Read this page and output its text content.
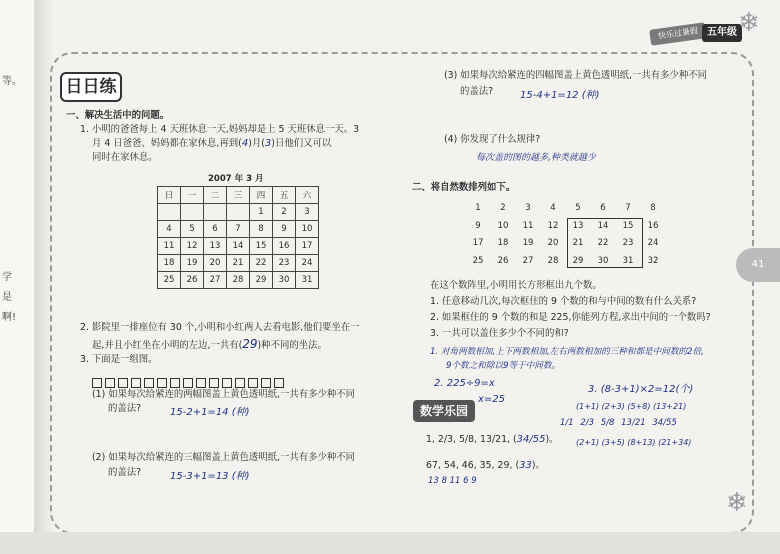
等。
学
是
啊!
快乐过暑假 五年级 ❄
❄
日日练
一、解决生活中的问题。
1. 小明的爸爸每上 4 天班休息一天,妈妈却是上 5 天班休息一天。3
月 4 日爸爸、妈妈都在家休息,再到(4)月(3)日他们又可以
同时在家休息。
2007 年 3 月
日	一	二	三	四	五	六
				1	2	3
4	5	6	7	8	9	10
11	12	13	14	15	16	17
18	19	20	21	22	23	24
25	26	27	28	29	30	31
2. 影院里一排座位有 30 个,小明和小红两人去看电影,他们要坐在一
起,并且小红坐在小明的左边,一共有(29)种不同的坐法。
3. 下面是一组图。
(1) 如果每次给紧连的两幅图盖上黄色透明纸,一共有多少种不同
的盖法?	15-2+1=14 (种)
(2) 如果每次给紧连的三幅图盖上黄色透明纸,一共有多少种不同
的盖法?	15-3+1=13 (种)
(3) 如果每次给紧连的四幅图盖上黄色透明纸,一共有多少种不同
的盖法?	15-4+1=12 (种)
(4) 你发现了什么规律?
每次盖的图的越多,种类就越少
二、将自然数排列如下。
1	2	3	4	5	6	7	8
9	10	11	12	13	14	15	16
17	18	19	20	21	22	23	24
25	26	27	28	29	30	31	32
在这个数阵里,小明用长方形框出九个数。
1. 任意移动几次,每次框住的 9 个数的和与中间的数有什么关系?
2. 如果框住的 9 个数的和是 225,你能列方程,求出中间的一个数吗?
3. 一共可以盖住多少个不同的和?
1. 对角两数相加,上下两数相加,左右两数相加的三种和都是中间数的2倍,
9个数之和除以9等于中间数。
2. 225÷9=x
x=25
3. (8-3+1)×2=12(个)
数学乐园
1, 2/3, 5/8, 13/21, (34/55)。
67, 54, 46, 35, 29, (33)。
13 8 11 6 9
(1+1) (2+3) (5+8) (13+21)
1/1 2/3 5/8 13/21 34/55
(2+1) (3+5) (8+13) (21+34)
41
